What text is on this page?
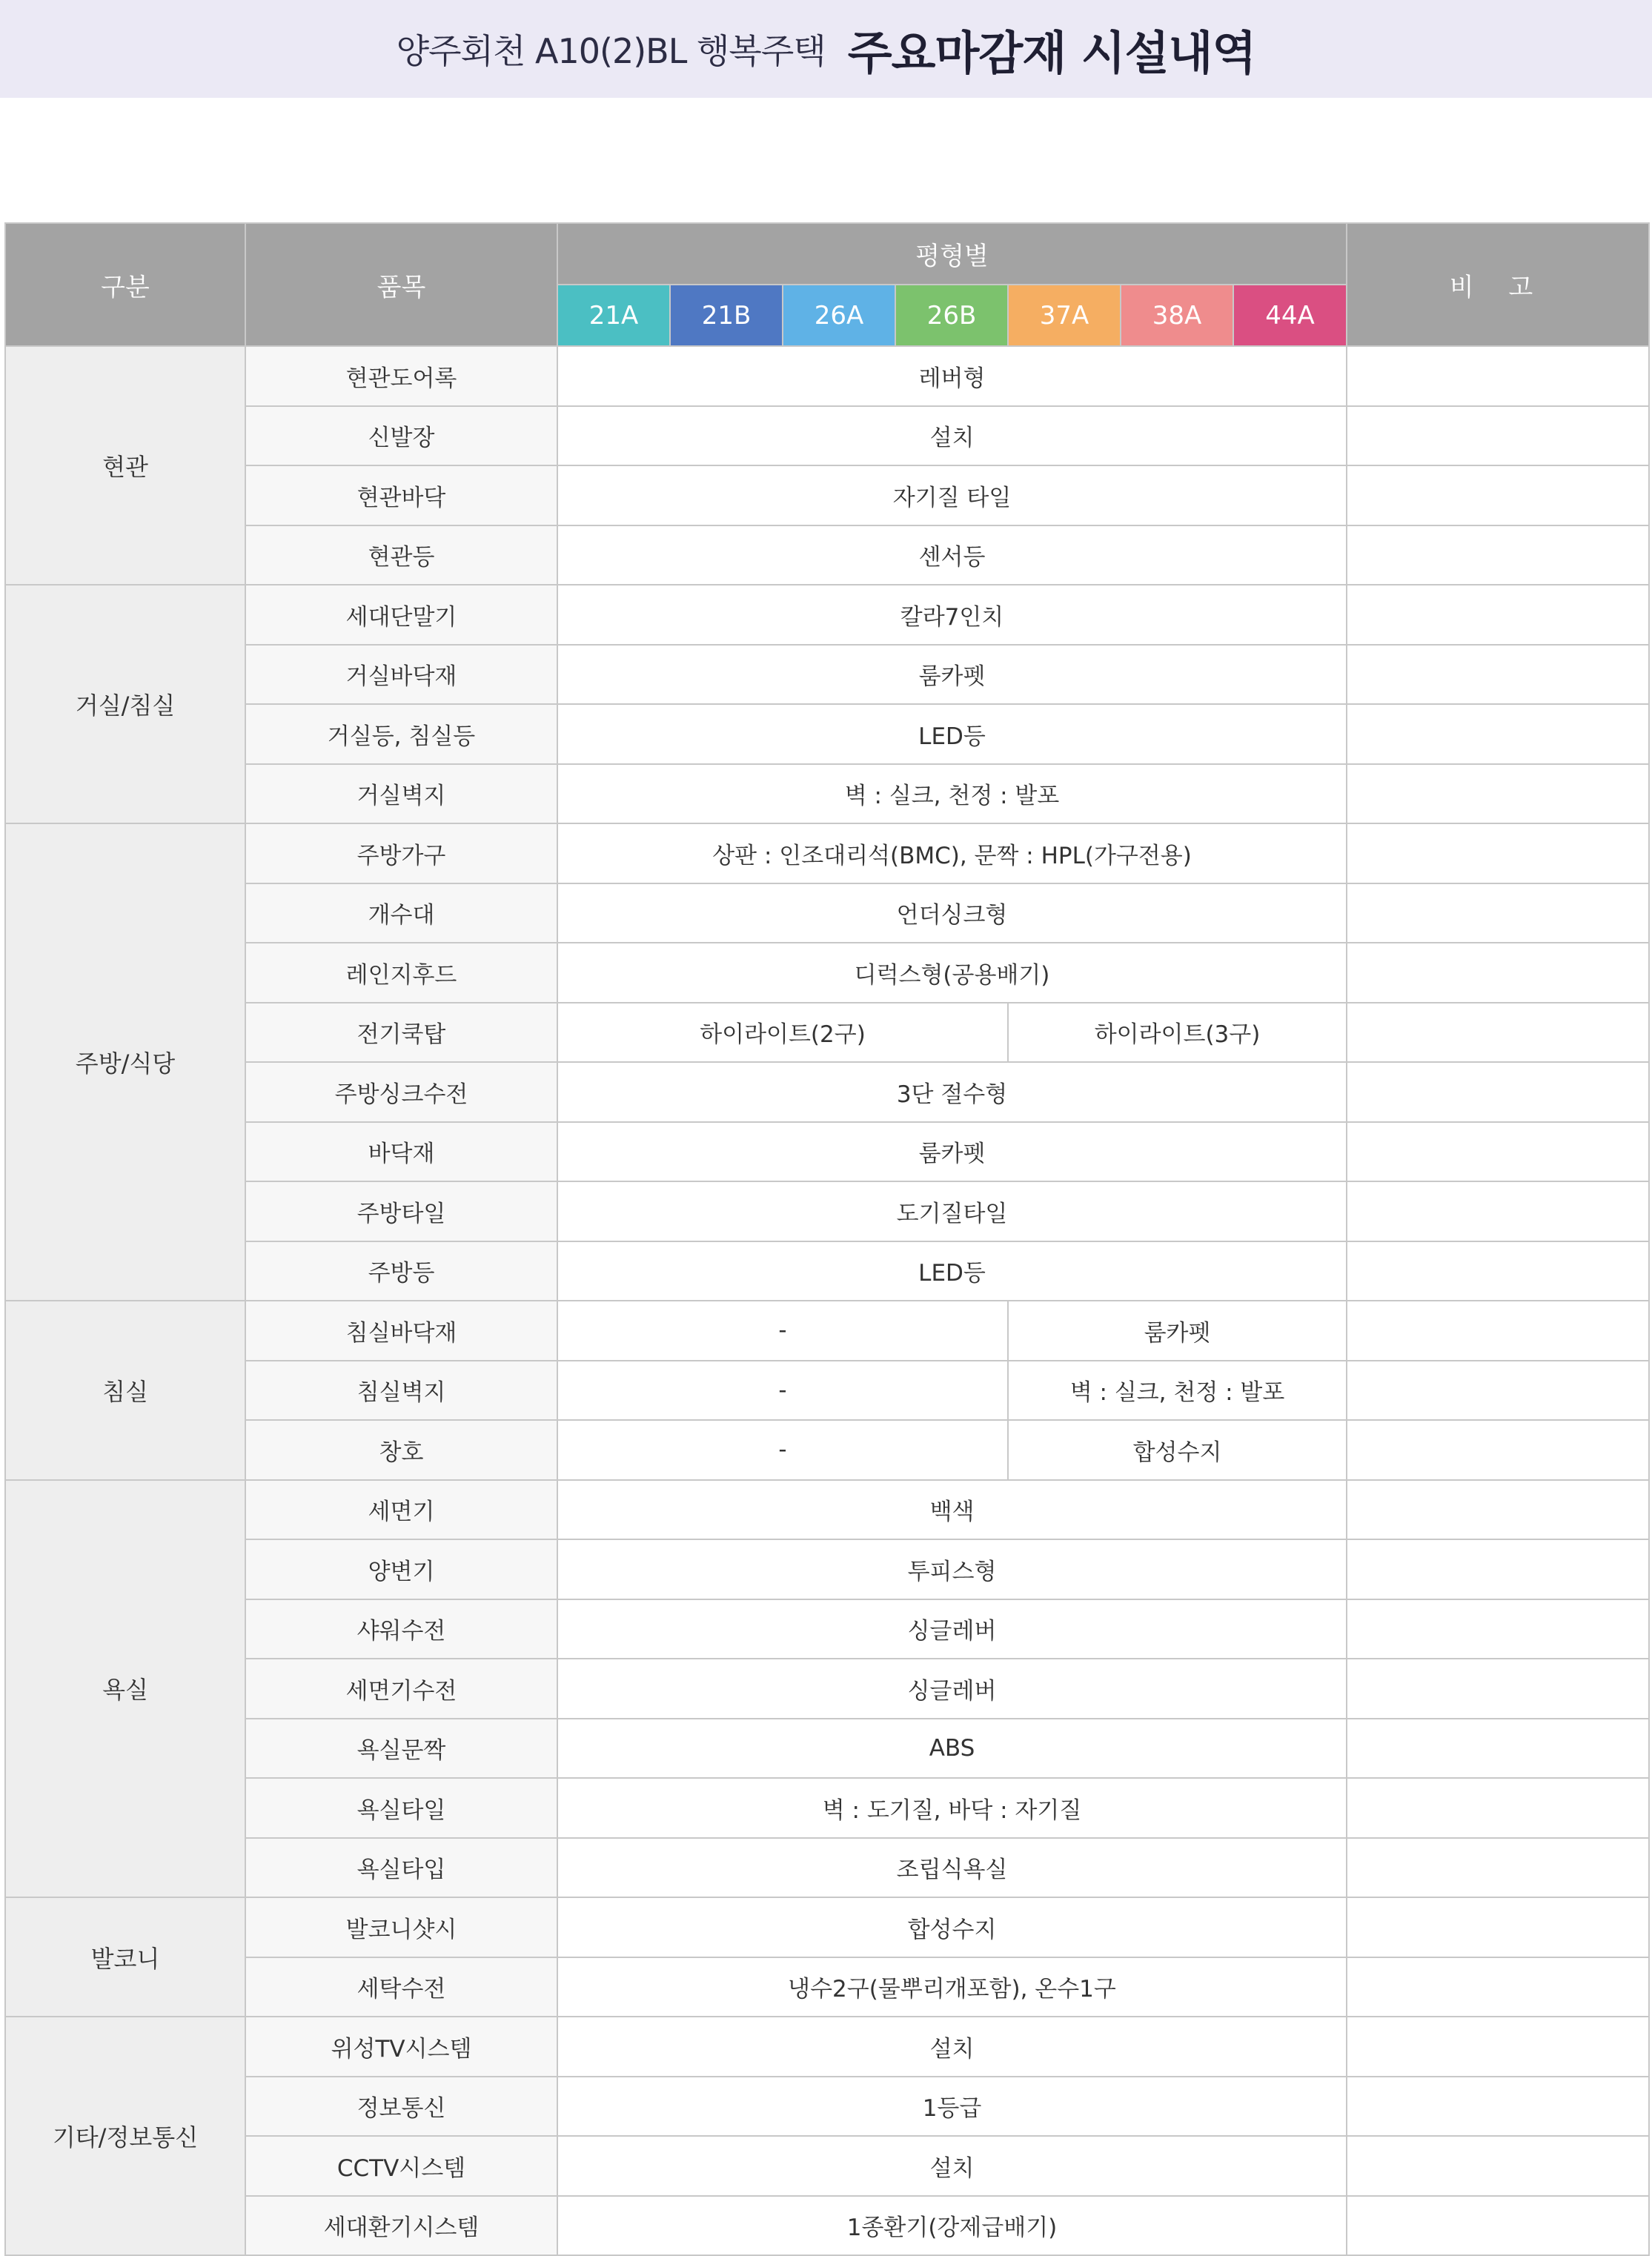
양주회천 A10(2)BL 행복주택 주요마감재 시설내역
구분	품목	평형별							비 고
		21A	21B	26A	26B	37A	38A	44A	
현관	현관도어록	레버형							
	신발장	설치							
	현관바닥	자기질 타일							
	현관등	센서등							
거실/침실	세대단말기	칼라7인치							
	거실바닥재	룸카펫							
	거실등, 침실등	LED등							
	거실벽지	벽 : 실크, 천정 : 발포							
주방/식당	주방가구	상판 : 인조대리석(BMC), 문짝 : HPL(가구전용)							
	개수대	언더싱크형							
	레인지후드	디럭스형(공용배기)							
	전기쿡탑	하이라이트(2구)				하이라이트(3구)			
	주방싱크수전	3단 절수형							
	바닥재	룸카펫							
	주방타일	도기질타일							
	주방등	LED등							
침실	침실바닥재	-				룸카펫			
	침실벽지	-				벽 : 실크, 천정 : 발포			
	창호	-				합성수지			
욕실	세면기	백색							
	양변기	투피스형							
	샤워수전	싱글레버							
	세면기수전	싱글레버							
	욕실문짝	ABS							
	욕실타일	벽 : 도기질, 바닥 : 자기질							
	욕실타입	조립식욕실							
발코니	발코니샷시	합성수지							
	세탁수전	냉수2구(물뿌리개포함), 온수1구							
기타/정보통신	위성TV시스템	설치							
	정보통신	1등급							
	CCTV시스템	설치							
	세대환기시스템	1종환기(강제급배기)							
